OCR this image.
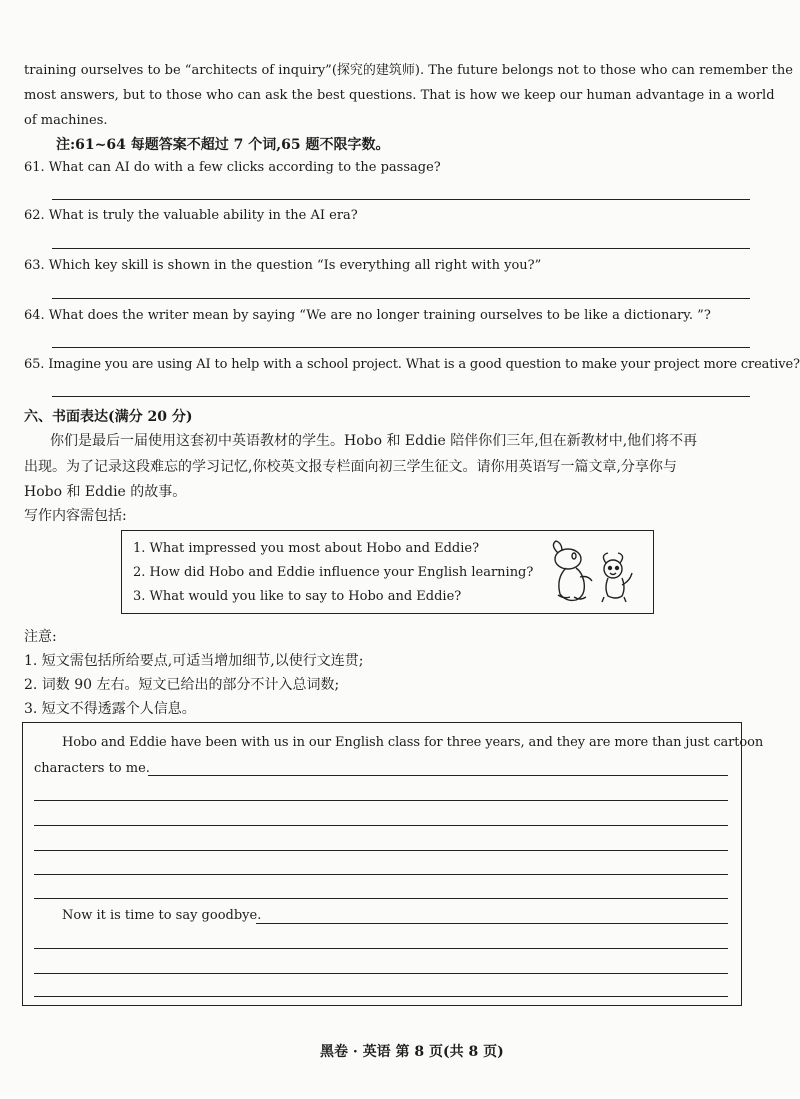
training ourselves to be “architects of inquiry”(探究的建筑师). The future belongs not to those who can remember the
most answers, but to those who can ask the best questions. That is how we keep our human advantage in a world
of machines.
注:61~64 每题答案不超过 7 个词,65 题不限字数。
61. What can AI do with a few clicks according to the passage?
62. What is truly the valuable ability in the AI era?
63. Which key skill is shown in the question “Is everything all right with you?”
64. What does the writer mean by saying “We are no longer training ourselves to be like a dictionary. ”?
65. Imagine you are using AI to help with a school project. What is a good question to make your project more creative?
六、书面表达(满分 20 分)
你们是最后一届使用这套初中英语教材的学生。Hobo 和 Eddie 陪伴你们三年,但在新教材中,他们将不再
出现。为了记录这段难忘的学习记忆,你校英文报专栏面向初三学生征文。请你用英语写一篇文章,分享你与
Hobo 和 Eddie 的故事。
写作内容需包括:
1. What impressed you most about Hobo and Eddie?
2. How did Hobo and Eddie influence your English learning?
3. What would you like to say to Hobo and Eddie?
注意:
1. 短文需包括所给要点,可适当增加细节,以使行文连贯;
2. 词数 90 左右。短文已给出的部分不计入总词数;
3. 短文不得透露个人信息。
Hobo and Eddie have been with us in our English class for three years, and they are more than just cartoon
characters to me.
Now it is time to say goodbye.
黑卷 · 英语 第 8 页(共 8 页)
